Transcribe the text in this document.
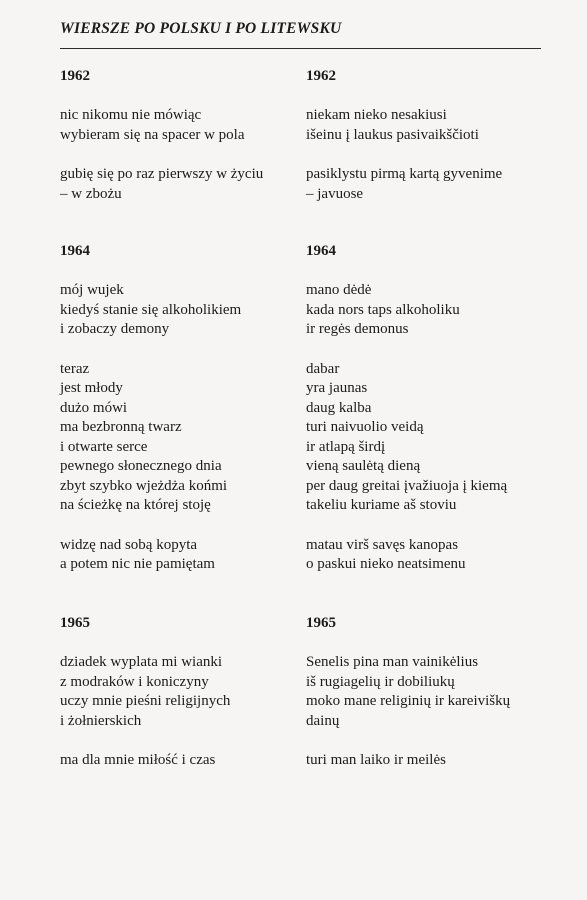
WIERSZE PO POLSKU I PO LITEWSKU
1962
nic nikomu nie mówiąc
wybieram się na spacer w pola
gubię się po raz pierwszy w życiu
– w zbożu
1964
mój wujek
kiedyś stanie się alkoholikiem
i zobaczy demony
teraz
jest młody
dużo mówi
ma bezbronną twarz
i otwarte serce
pewnego słonecznego dnia
zbyt szybko wjeżdża końmi
na ścieżkę na której stoję
widzę nad sobą kopyta
a potem nic nie pamiętam
1965
dziadek wyplata mi wianki
z modraków i koniczyny
uczy mnie pieśni religijnych
i żołnierskich
ma dla mnie miłość i czas
1962
niekam nieko nesakiusi
išeinu į laukus pasivaikščioti
pasiklystu pirmą kartą gyvenime
– javuose
1964
mano dėdė
kada nors taps alkoholiku
ir regės demonus
dabar
yra jaunas
daug kalba
turi naivuolio veidą
ir atlapą širdį
vieną saulėtą dieną
per daug greitai įvažiuoja į kiemą
takeliu kuriame aš stoviu
matau virš savęs kanopas
o paskui nieko neatsimenu
1965
Senelis pina man vainikėlius
iš rugiagelių ir dobiliukų
moko mane religinių ir kareiviškų
dainų
turi man laiko ir meilės
